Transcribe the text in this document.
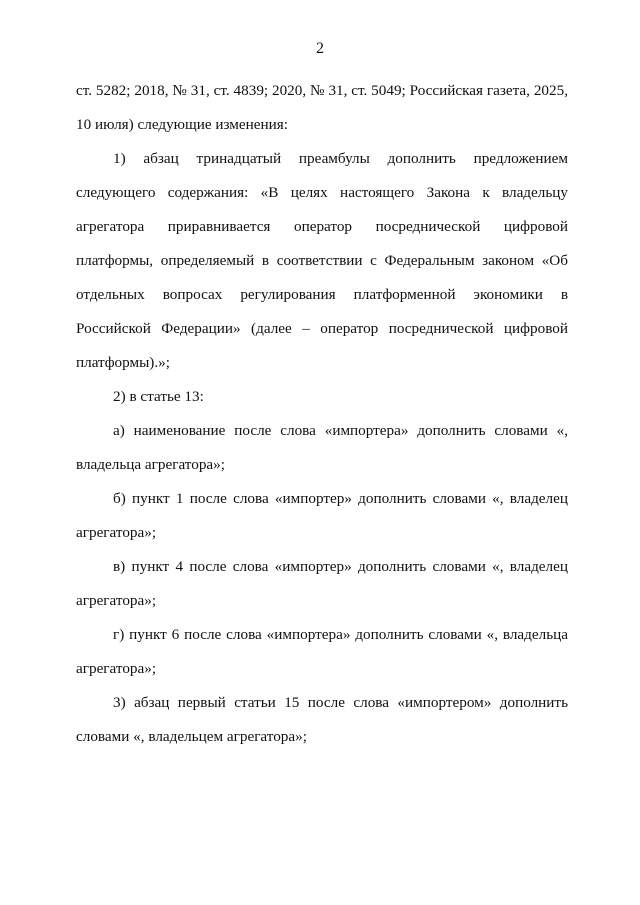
2

ст. 5282; 2018, № 31, ст. 4839; 2020, № 31, ст. 5049; Российская газета, 2025, 10 июля) следующие изменения:

1) абзац тринадцатый преамбулы дополнить предложением следующего содержания: «В целях настоящего Закона к владельцу агрегатора приравнивается оператор посреднической цифровой платформы, определяемый в соответствии с Федеральным законом «Об отдельных вопросах регулирования платформенной экономики в Российской Федерации» (далее – оператор посреднической цифровой платформы).»;

2) в статье 13:

а) наименование после слова «импортера» дополнить словами «, владельца агрегатора»;

б) пункт 1 после слова «импортер» дополнить словами «, владелец агрегатора»;

в) пункт 4 после слова «импортер» дополнить словами «, владелец агрегатора»;

г) пункт 6 после слова «импортера» дополнить словами «, владельца агрегатора»;

3) абзац первый статьи 15 после слова «импортером» дополнить словами «, владельцем агрегатора»;
